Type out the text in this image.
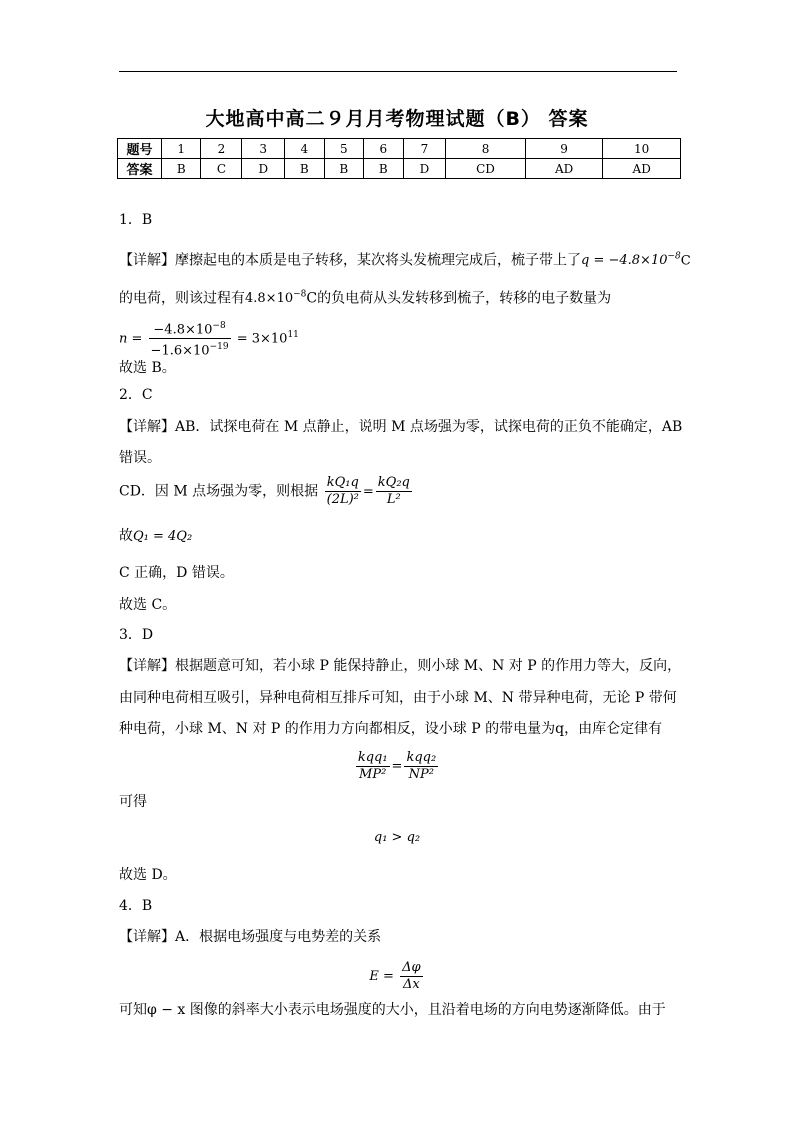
大地高中高二９月月考物理试题（B） 答案
题号	1	2	3	4	5	6	7	8	9	10
答案	B	C	D	B	B	B	D	CD	AD	AD
1．B
【详解】摩擦起电的本质是电子转移，某次将头发梳理完成后，梳子带上了$q = -4.8\times 10^{-8}C$
的电荷，则该过程有$4.8\times 10^{-8}C$的负电荷从头发转移到梳子，转移的电子数量为
$n = \frac{-4.8\times 10^{-8}}{-1.6\times 10^{-19}} = 3\times 10^{11}$
故选 B。
2．C
【详解】AB．试探电荷在 M 点静止，说明 M 点场强为零，试探电荷的正负不能确定，AB
错误。
CD．因 M 点场强为零，则根据 $\frac{\text{kQ₁q}}{\text{(2L)²}} = \frac{\text{kQ₂q}}{\text{L²}}$
故Q₁ = 4Q₂
C 正确，D 错误。
故选 C。
3．D
【详解】根据题意可知，若小球 P 能保持静止，则小球 M、N 对 P 的作用力等大，反向，
由同种电荷相互吸引，异种电荷相互排斥可知，由于小球 M、N 带异种电荷，无论 P 带何
种电荷，小球 M、N 对 P 的作用力方向都相反，设小球 P 的带电量为q，由库仑定律有
$\frac{\text{kqq₁}}{\text{MP²}} = \frac{\text{kqq₂}}{\text{NP²}}$
可得
q₁ > q₂
故选 D。
4．B
【详解】A．根据电场强度与电势差的关系
$E = \frac{\Delta\varphi}{\Delta x}$
可知φ − x 图像的斜率大小表示电场强度的大小，且沿着电场的方向电势逐渐降低。由于
